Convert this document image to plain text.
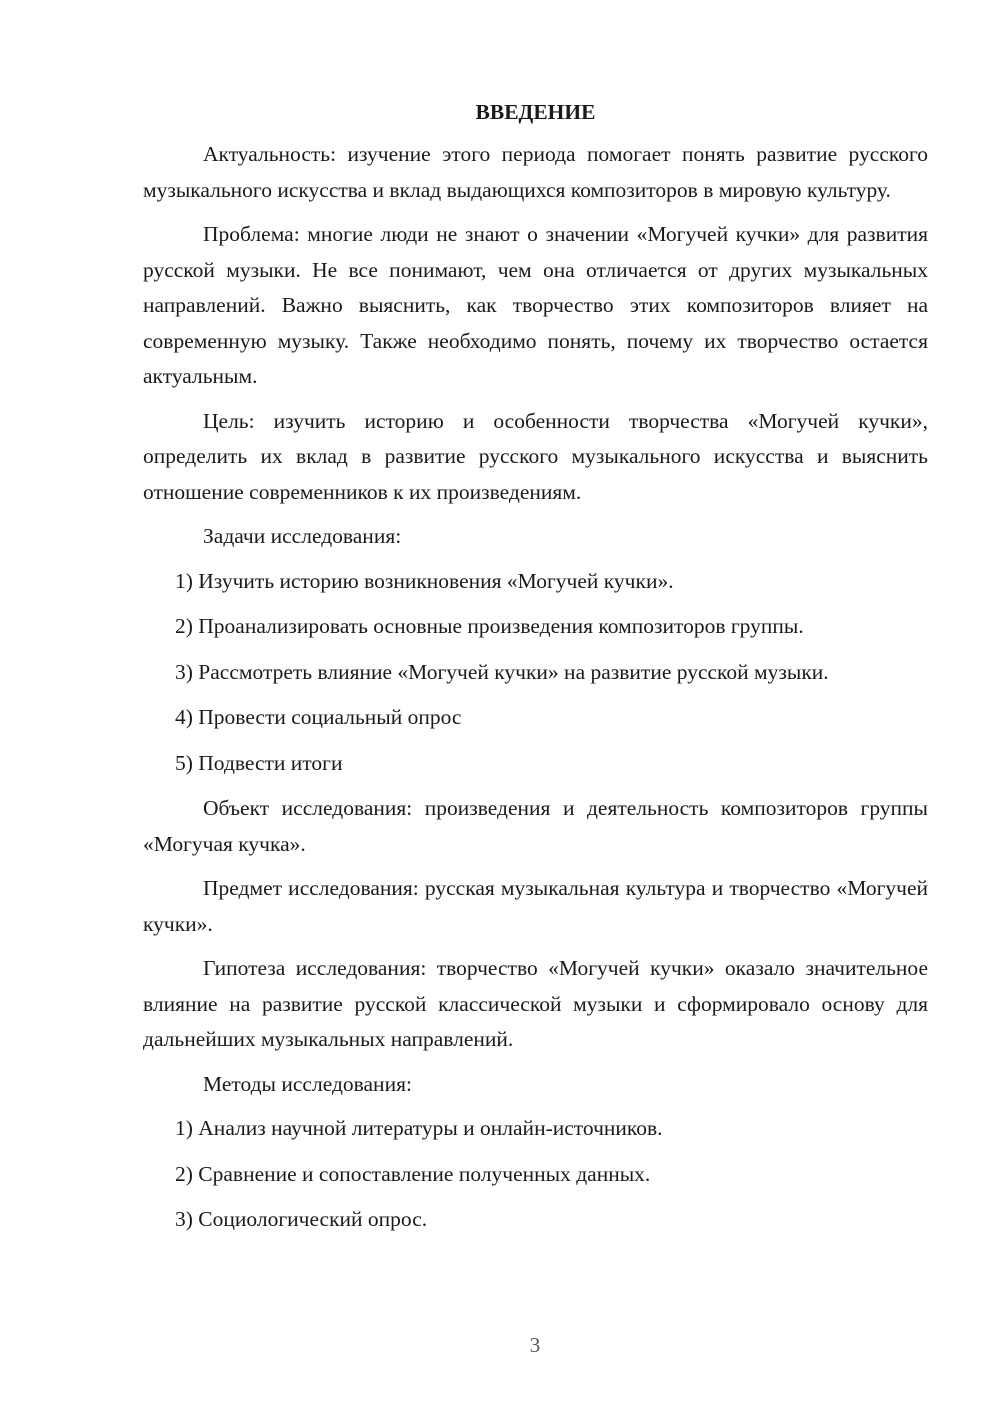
ВВЕДЕНИЕ

Актуальность: изучение этого периода помогает понять развитие русского музыкального искусства и вклад выдающихся композиторов в мировую культуру.

Проблема: многие люди не знают о значении «Могучей кучки» для развития русской музыки. Не все понимают, чем она отличается от других музыкальных направлений. Важно выяснить, как творчество этих композиторов влияет на современную музыку. Также необходимо понять, почему их творчество остается актуальным.

Цель: изучить историю и особенности творчества «Могучей кучки», определить их вклад в развитие русского музыкального искусства и выяснить отношение современников к их произведениям.

Задачи исследования:
1) Изучить историю возникновения «Могучей кучки».
2) Проанализировать основные произведения композиторов группы.
3) Рассмотреть влияние «Могучей кучки» на развитие русской музыки.
4) Провести социальный опрос
5) Подвести итоги

Объект исследования: произведения и деятельность композиторов группы «Могучая кучка».

Предмет исследования: русская музыкальная культура и творчество «Могучей кучки».

Гипотеза исследования: творчество «Могучей кучки» оказало значительное влияние на развитие русской классической музыки и сформировало основу для дальнейших музыкальных направлений.

Методы исследования:
1) Анализ научной литературы и онлайн-источников.
2) Сравнение и сопоставление полученных данных.
3) Социологический опрос.
3
